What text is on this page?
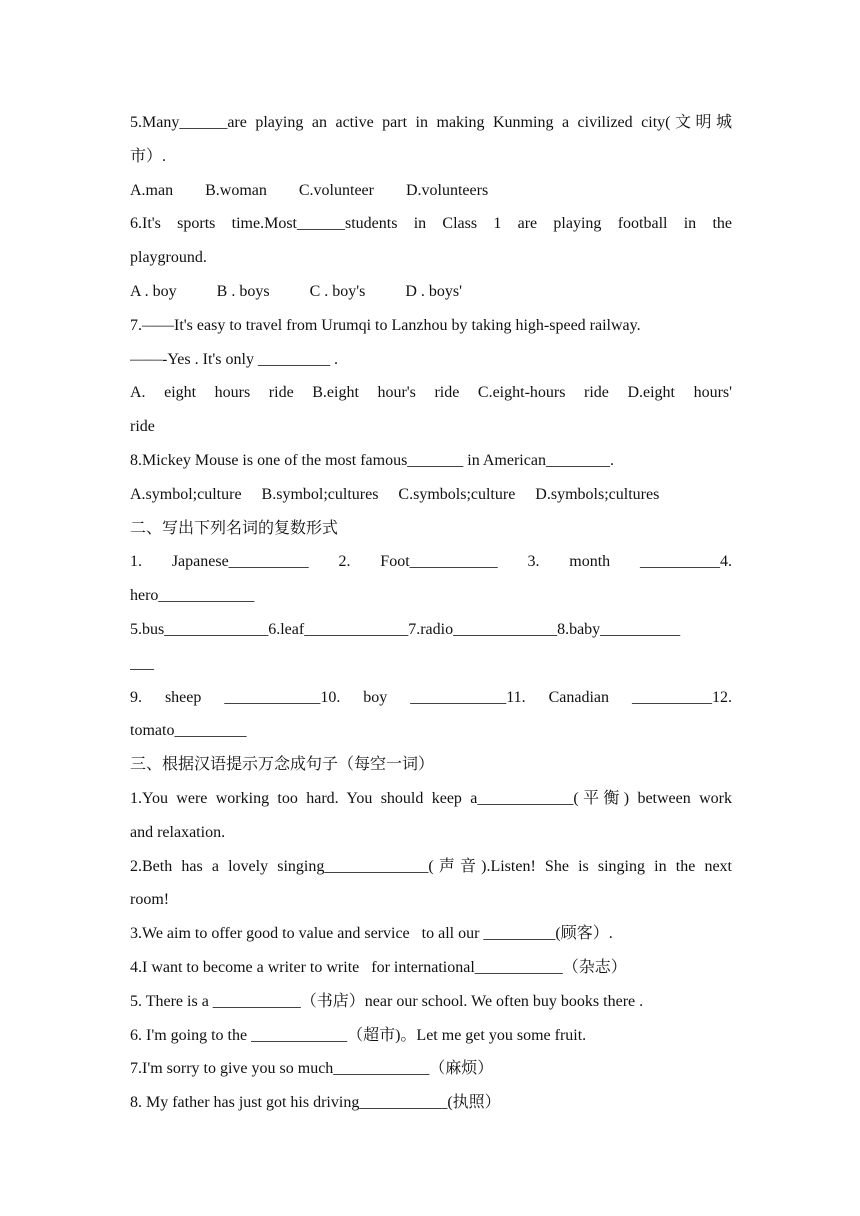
5.Many______are playing an active part in making Kunming a civilized city(文明城
市）.
A.man        B.woman        C.volunteer        D.volunteers
6.It's sports time.Most______students in Class 1 are playing football in the
playground.
A . boy          B . boys          C . boy's          D . boys'
7.——It's easy to travel from Urumqi to Lanzhou by taking high-speed railway.
——-Yes . It's only _________ .
A. eight hours ride B.eight hour's ride C.eight-hours ride D.eight hours'
ride
8.Mickey Mouse is one of the most famous_______ in American________.
A.symbol;culture     B.symbol;cultures     C.symbols;culture     D.symbols;cultures
二、写出下列名词的复数形式
1. Japanese__________ 2. Foot___________ 3. month __________4.
hero____________
5.bus_____________6.leaf_____________7.radio_____________8.baby__________
___
9. sheep ____________10. boy ____________11. Canadian __________12.
tomato_________
三、根据汉语提示万念成句子（每空一词）
1.You were working too hard. You should keep a____________(平衡) between work
and relaxation.
2.Beth has a lovely singing_____________(声音).Listen! She is singing in the next
room!
3.We aim to offer good to value and service   to all our _________(顾客）.
4.I want to become a writer to write   for international___________（杂志）
5. There is a ___________（书店）near our school. We often buy books there .
6. I'm going to the ____________（超市)。Let me get you some fruit.
7.I'm sorry to give you so much____________（麻烦）
8. My father has just got his driving___________(执照）
